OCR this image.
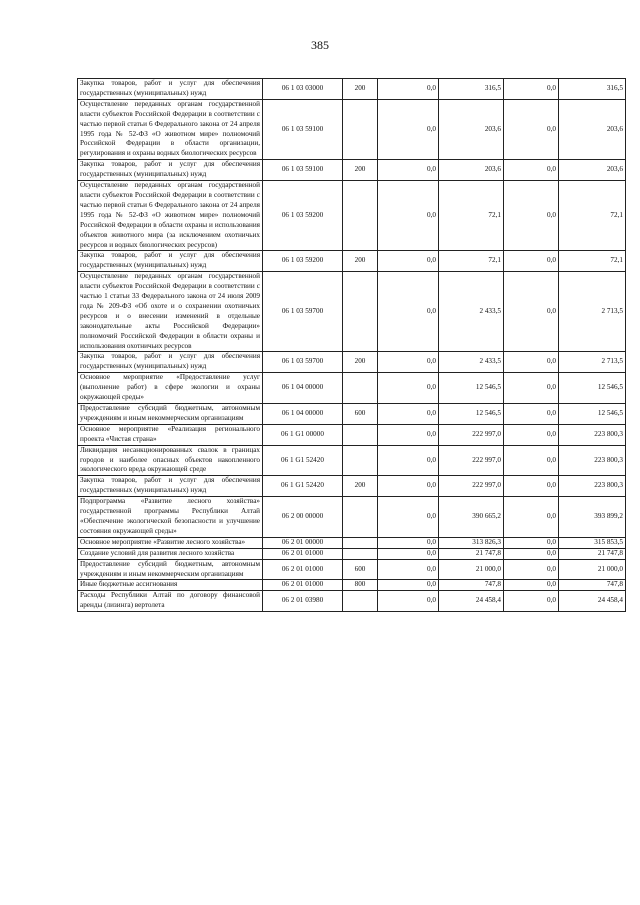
385
Закупка товаров, работ и услуг для обеспечения государственных (муниципальных) нужд	06 1 03 03000	200	0,0	316,5	0,0	316,5
Осуществление переданных органам государственной власти субъектов Российской Федерации в соответствии с частью первой статьи 6 Федерального закона от 24 апреля 1995 года № 52-ФЗ «О животном мире» полномочий Российской Федерации в области организации, регулирования и охраны водных биологических ресурсов	06 1 03 59100		0,0	203,6	0,0	203,6
Закупка товаров, работ и услуг для обеспечения государственных (муниципальных) нужд	06 1 03 59100	200	0,0	203,6	0,0	203,6
Осуществление переданных органам государственной власти субъектов Российской Федерации в соответствии с частью первой статьи 6 Федерального закона от 24 апреля 1995 года № 52-ФЗ «О животном мире» полномочий Российской Федерации в области охраны и использования объектов животного мира (за исключением охотничьих ресурсов и водных биологических ресурсов)	06 1 03 59200		0,0	72,1	0,0	72,1
Закупка товаров, работ и услуг для обеспечения государственных (муниципальных) нужд	06 1 03 59200	200	0,0	72,1	0,0	72,1
Осуществление переданных органам государственной власти субъектов Российской Федерации в соответствии с частью 1 статьи 33 Федерального закона от 24 июля 2009 года № 209-ФЗ «Об охоте и о сохранении охотничьих ресурсов и о внесении изменений в отдельные законодательные акты Российской Федерации» полномочий Российской Федерации в области охраны и использования охотничьих ресурсов	06 1 03 59700		0,0	2 433,5	0,0	2 713,5
Закупка товаров, работ и услуг для обеспечения государственных (муниципальных) нужд	06 1 03 59700	200	0,0	2 433,5	0,0	2 713,5
Основное мероприятие «Предоставление услуг (выполнение работ) в сфере экологии и охраны окружающей среды»	06 1 04 00000		0,0	12 546,5	0,0	12 546,5
Предоставление субсидий бюджетным, автономным учреждениям и иным некоммерческим организациям	06 1 04 00000	600	0,0	12 546,5	0,0	12 546,5
Основное мероприятие «Реализация регионального проекта «Чистая страна»	06 1 G1 00000		0,0	222 997,0	0,0	223 800,3
Ликвидация несанкционированных свалок в границах городов и наиболее опасных объектов накопленного экологического вреда окружающей среде	06 1 G1 52420		0,0	222 997,0	0,0	223 800,3
Закупка товаров, работ и услуг для обеспечения государственных (муниципальных) нужд	06 1 G1 52420	200	0,0	222 997,0	0,0	223 800,3
Подпрограмма «Развитие лесного хозяйства» государственной программы Республики Алтай «Обеспечение экологической безопасности и улучшение состояния окружающей среды»	06 2 00 00000		0,0	390 665,2	0,0	393 899,2
Основное мероприятие «Развитие лесного хозяйства»	06 2 01 00000		0,0	313 826,3	0,0	315 853,5
Создание условий для развития лесного хозяйства	06 2 01 01000		0,0	21 747,8	0,0	21 747,8
Предоставление субсидий бюджетным, автономным учреждениям и иным некоммерческим организациям	06 2 01 01000	600	0,0	21 000,0	0,0	21 000,0
Иные бюджетные ассигнования	06 2 01 01000	800	0,0	747,8	0,0	747,8
Расходы Республики Алтай по договору финансовой аренды (лизинга) вертолета	06 2 01 03980		0,0	24 458,4	0,0	24 458,4
